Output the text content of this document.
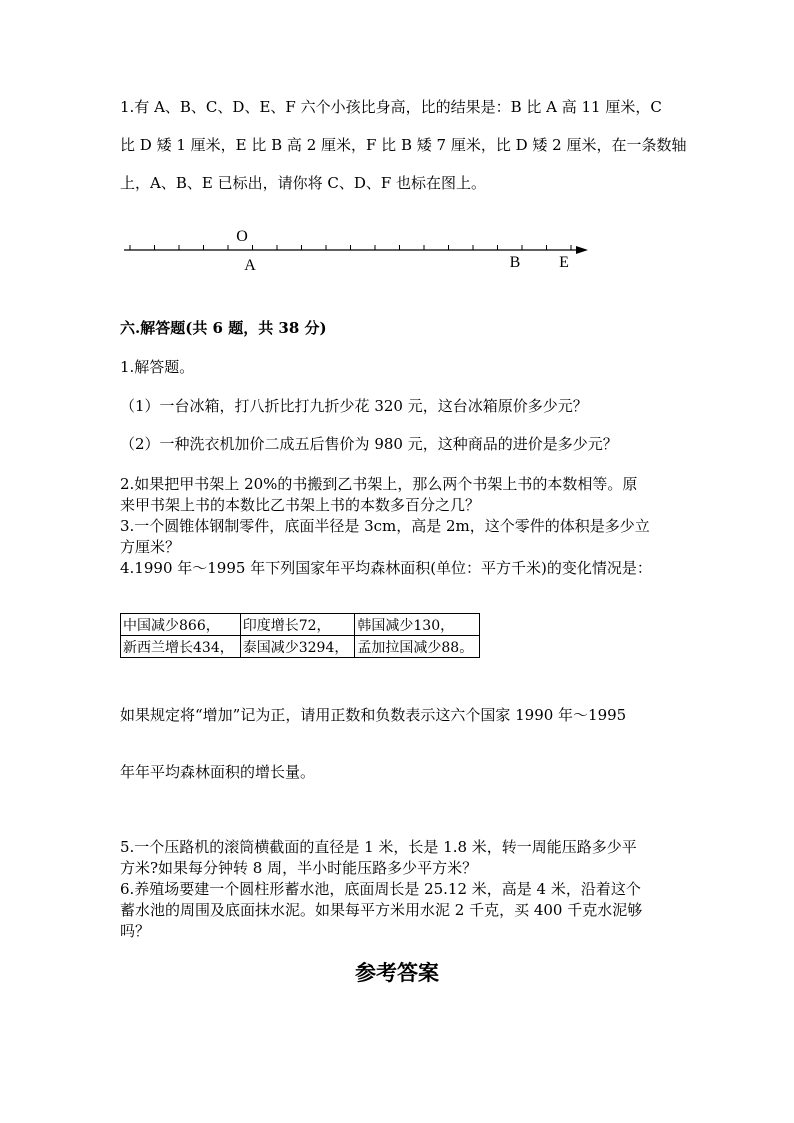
1.有 A、B、C、D、E、F 六个小孩比身高，比的结果是：B 比 A 高 11 厘米，C
比 D 矮 1 厘米，E 比 B 高 2 厘米，F 比 B 矮 7 厘米，比 D 矮 2 厘米，在一条数轴
上，A、B、E 已标出，请你将 C、D、F 也标在图上。
O
A	B E
六.解答题(共 6 题，共 38 分)
1.解答题。
（1）一台冰箱，打八折比打九折少花 320 元，这台冰箱原价多少元？
（2）一种洗衣机加价二成五后售价为 980 元，这种商品的进价是多少元？
2.如果把甲书架上 20%的书搬到乙书架上，那么两个书架上书的本数相等。原
来甲书架上书的本数比乙书架上书的本数多百分之几？
3.一个圆锥体钢制零件，底面半径是 3cm，高是 2m，这个零件的体积是多少立
方厘米？
4.1990 年～1995 年下列国家年平均森林面积(单位：平方千米)的变化情况是：
中国减少866，	印度增长72，	韩国减少130，
新西兰增长434，	泰国减少3294，	孟加拉国减少88。
如果规定将“增加”记为正，请用正数和负数表示这六个国家 1990 年～1995
年年平均森林面积的增长量。
5.一个压路机的滚筒横截面的直径是 1 米，长是 1.8 米，转一周能压路多少平
方米?如果每分钟转 8 周，半小时能压路多少平方米？
6.养殖场要建一个圆柱形蓄水池，底面周长是 25.12 米，高是 4 米，沿着这个
蓄水池的周围及底面抹水泥。如果每平方米用水泥 2 千克，买 400 千克水泥够
吗？
参考答案
